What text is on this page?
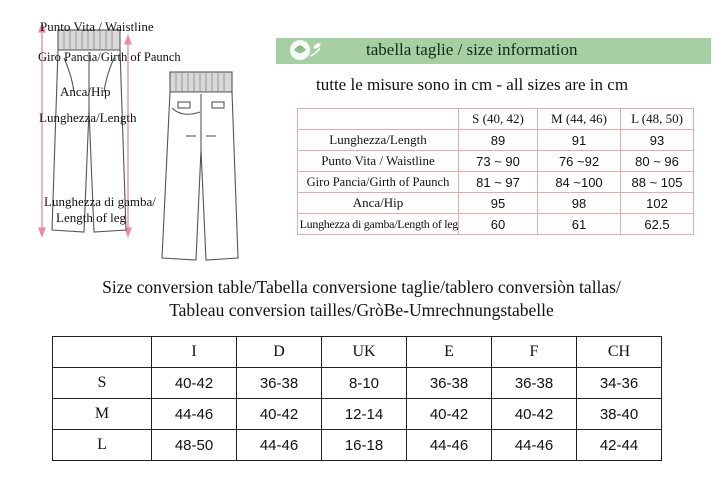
Punto Vita / Waistline
Giro Pancia/Girth of Paunch
Anca/Hip
Lunghezza/Length
Lunghezza di gamba/
Length of leg
tabella taglie / size information
tutte le misure sono in cm - all sizes are in cm
	S (40, 42)	M (44, 46)	L (48, 50)
Lunghezza/Length	89	91	93
Punto Vita / Waistline	73 ~ 90	76 ~92	80 ~ 96
Giro Pancia/Girth of Paunch	81 ~ 97	84 ~100	88 ~ 105
Anca/Hip	95	98	102
Lunghezza di gamba/Length of leg	60	61	62.5
Size conversion table/Tabella conversione taglie/tablero conversiòn tallas/
Tableau conversion tailles/GròBe-Umrechnungstabelle
	I	D	UK	E	F	CH
S	40-42	36-38	8-10	36-38	36-38	34-36
M	44-46	40-42	12-14	40-42	40-42	38-40
L	48-50	44-46	16-18	44-46	44-46	42-44
